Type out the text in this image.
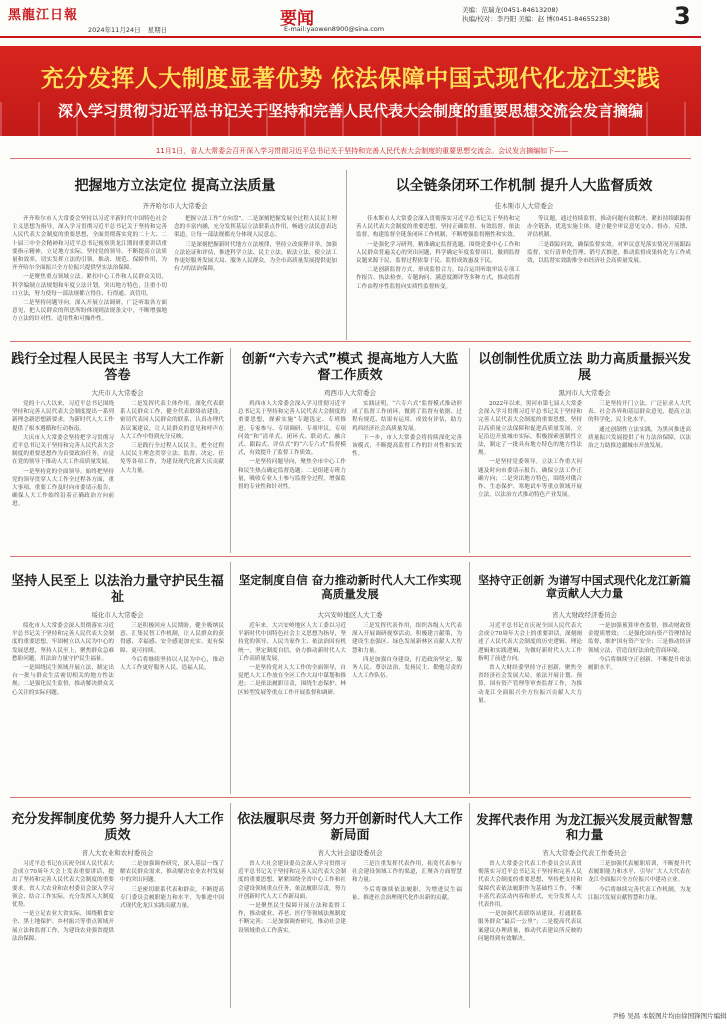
黑龍江日報
2024年11月24日 星期日
要闻
E-mail:yaowen8900@sina.com
美编：范瑞龙(0451-84613208)
执编/校对：李丹阳 美编：赵 博(0451-84655238)	3
充分发挥人大制度显著优势 依法保障中国式现代化龙江实践
深入学习贯彻习近平总书记关于坚持和完善人民代表大会制度的重要思想交流会发言摘编
11月1日，省人大常委会召开深入学习贯彻习近平总书记关于坚持和完善人民代表大会制度的重要思想交流会。会议发言摘编如下——
把握地方立法定位 提高立法质量
齐齐哈尔市人大常委会

齐齐哈尔市人大常委会坚持以习近平新时代中国特色社会主义思想为指导，深入学习贯彻习近平总书记关于坚持和完善人民代表大会制度的重要思想，全面贯彻落实党的二十大、二十届三中全会精神和习近平总书记视察黑龙江期间重要讲话重要指示精神，立足地方实际，坚持党的领导，不断提高立法质量和效率，切实发挥立法的引领、推动、规范、保障作用，为齐齐哈尔全面振兴全方位振兴提供坚实法治保障。

一是聚焦重点领域立法。紧扣中心工作和人民群众关切，科学编制立法规划和年度立法计划，突出地方特色，注重小切口立法，努力使每一部法规都立得住、行得通、真管用。

二是坚持问题导向。深入开展立法调研，广泛听取各方面意见，把人民群众的所思所盼体现到法规条文中，不断增强地方立法的针对性、适用性和可操作性。

把握立法工作“方向盘”。二是深刻把握发展全过程人民民主理念的丰富内涵，充分发挥基层立法联系点作用，畅通立法民意表达渠道，让每一部法规都充分体现人民意志。

三是深刻把握新时代地方立法规律，坚持立改废释并举，加强立法论证和评估，推进科学立法、民主立法、依法立法，使立法工作更好服务发展大局、服务人民群众，为全市高质量发展提供更加有力的法治保障。

以全链条闭环工作机制 提升人大监督质效
佳木斯市人大常委会

佳木斯市人大常委会深入贯彻落实习近平总书记关于坚持和完善人民代表大会制度的重要思想，坚持正确监督、有效监督、依法监督，构建监督全链条闭环工作机制，不断增强监督刚性和实效。

一是强化学习研判，精准确定监督选题。围绕党委中心工作和人民群众普遍关心的突出问题，科学确定年度监督项目，做到监督议题来源于民、监督过程依靠于民、监督成效惠及于民。

二是创新监督方式，形成监督合力。综合运用听取审议专项工作报告、执法检查、专题询问、满意度测评等多种方式，推动监督工作由程序性监督向实质性监督转变。

等议题，通过持续监督，推动问题有效解决。紧扣持续跟踪督办全链条，优选实施主体，建立健全审议意见交办、督办、反馈、评估机制。

三是跟踪问效，确保监督实效。对审议意见落实情况开展跟踪监督，实行清单化管理、销号式推进，推动监督成果转化为工作成效，以监督实效助推全市经济社会高质量发展。

践行全过程人民民主 书写人大工作新答卷
大庆市人大常委会

党的十八大以来，习近平总书记围绕坚持和完善人民代表大会制度提出一系列新理念新思想新要求，为新时代人大工作提供了根本遵循和行动指南。

大庆市人大常委会坚持把学习贯彻习近平总书记关于坚持和完善人民代表大会制度的重要思想作为首要政治任务，自觉在党的领导下推动人大工作高质量发展。

一是坚持党的全面领导。始终把坚持党的领导贯穿人大工作全过程各方面，重大事项、重要工作及时向市委请示报告，确保人大工作始终沿着正确政治方向前进。

二是发挥代表主体作用。深化代表联系人民群众工作，健全代表联络站建设，密切代表同人民群众的联系，认真办理代表议案建议，让人民群众的意见和呼声在人大工作中得到充分反映。

三是践行全过程人民民主。把全过程人民民主理念贯穿立法、监督、决定、任免等各项工作，为建设现代化新大庆贡献人大力量。

创新“六专六式”模式 提高地方人大监督工作质效
鸡西市人大常委会

鸡西市人大常委会深入学习贯彻习近平总书记关于坚持和完善人民代表大会制度的重要思想，探索实施“专题选定、专班推进、专家参与、专项调研、专项审议、专项问效”和“清单式、闭环式、联动式、融合式、跟踪式、评估式”的“六专六式”监督模式，有效提升了监督工作质效。

一是坚持问题导向，聚焦全市中心工作和民生热点确定监督选题；二是组建专班力量，吸收专业人士参与监督全过程，增强监督的专业性和针对性。

实践证明，“六专六式”监督模式推动形成了监督工作闭环，做到了监督有依据、过程有规范、结果有运用、成效有评估，助力鸡西经济社会高质量发展。

下一步，市人大常委会将持续深化完善该模式，不断提高监督工作的针对性和实效性。

以创制性优质立法 助力高质量振兴发展
黑河市人大常委会

2022年以来，黑河市第七届人大常委会深入学习贯彻习近平总书记关于坚持和完善人民代表大会制度的重要思想，坚持以高质量立法保障和促进高质量发展，立足沿边开放城市实际，积极探索创制性立法，制定了一批具有地方特色的地方性法规。

一是坚持党委领导。立法工作重大问题及时向市委请示报告，确保立法工作正确方向；二是突出地方特色，围绕对俄合作、生态保护、寒地试车等重点领域开展立法，以法治方式推动特色产业发展。

三是坚持开门立法，广泛征求人大代表、社会各界和基层群众意见，提高立法的科学化、民主化水平。

通过创制性立法实践，为黑河推进高质量振兴发展提供了有力法治保障，以法治之力助推边疆城市开放发展。

坚持人民至上 以法治力量守护民生福祉
绥化市人大常委会

绥化市人大常委会深入贯彻落实习近平总书记关于坚持和完善人民代表大会制度的重要思想，牢固树立以人民为中心的发展思想，坚持人民至上，聚焦群众急难愁盼问题，用法治力量守护民生福祉。

一是围绕民生领域开展立法，制定出台一批与群众生活密切相关的地方性法规；二是强化民生监督，推动解决群众关心关注的实际问题。

三是积极回应人民期盼，健全吸纳民意、汇集民智工作机制，让人民群众的获得感、幸福感、安全感更加充实、更有保障、更可持续。

今后将继续坚持以人民为中心，推动人大工作更好服务人民、造福人民。

坚定制度自信 奋力推动新时代人大工作实现高质量发展
大兴安岭地区人大工委

近年来，大兴安岭地区人大工委以习近平新时代中国特色社会主义思想为指导，坚持党的领导、人民当家作主、依法治国有机统一，坚定制度自信，奋力推动新时代人大工作高质量发展。

一是坚持党对人大工作的全面领导，自觉把人大工作放在全区工作大局中谋划和推进；二是依法履职尽责，围绕生态保护、林区转型发展等重点工作开展监督和调研。

三是发挥代表作用，组织各级人大代表深入开展调研视察活动，积极建言献策，为建设生态强区、绿色发展新林区贡献人大智慧和力量。

四是加强自身建设，打造政治坚定、服务人民、尊崇法治、发扬民主、勤勉尽责的人大工作队伍。

坚持守正创新 为谱写中国式现代化龙江新篇章贡献人大力量
省人大财政经济委员会

习近平总书记在庆祝全国人民代表大会成立70周年大会上的重要讲话，深刻阐述了人民代表大会制度的历史逻辑、理论逻辑和实践逻辑，为做好新时代人大工作指明了前进方向。

省人大财经委坚持守正创新，聚焦全省经济社会发展大局，依法开展计划、预算、国有资产管理等审查监督工作，为推动龙江全面振兴全方位振兴贡献人大力量。

一是加强预算审查监督，推动财政资金提质增效；二是强化国有资产管理情况监督，维护国有资产安全；三是推动经济领域立法，营造良好法治化营商环境。

今后将继续守正创新，不断提升依法履职水平。

充分发挥制度优势 努力提升人大工作质效
省人大农业和农村委员会

习近平总书记在庆祝全国人民代表大会成立70周年大会上发表重要讲话，提出了坚持和完善人民代表大会制度的重要要求。省人大农业和农村委员会深入学习领会，结合工作实际，充分发挥人大制度优势。

一是立足农业大省实际，围绕粮食安全、黑土地保护、乡村振兴等重点领域开展立法和监督工作，为建设农业强省提供法治保障。

二是加强调查研究，深入基层一线了解农民群众需求，推动解决农业农村发展中的突出问题。

三是密切联系代表和群众，不断提高专门委员会履职能力和水平，为推进中国式现代化龙江实践贡献力量。

依法履职尽责 努力开创新时代人大工作新局面
省人大社会建设委员会

省人大社会建设委员会深入学习贯彻习近平总书记关于坚持和完善人民代表大会制度的重要思想，紧紧围绕全省中心工作和社会建设领域重点任务，依法履职尽责，努力开创新时代人大工作新局面。

一是聚焦民生保障开展立法和监督工作，推动就业、养老、医疗等领域法规制度不断完善；二是加强调查研究，推动社会建设领域重点工作落实。

三是注重发挥代表作用，拓宽代表参与社会建设领域工作的渠道，汇聚各方面智慧和力量。

今后将继续依法履职，为增进民生福祉、推进社会治理现代化作出新的贡献。

发挥代表作用 为龙江振兴发展贡献智慧和力量
省人大常委会代表工作委员会

省人大常委会代表工作委员会认真贯彻落实习近平总书记关于坚持和完善人民代表大会制度的重要思想，坚持把支持和保障代表依法履职作为基础性工作，不断丰富代表活动内容和形式，充分发挥人大代表作用。

一是加强代表联络站建设，打通联系服务群众“最后一公里”；二是提高代表议案建议办理质量，推动代表建议所反映的问题得到有效解决。

三是加强代表履职培训，不断提升代表履职能力和水平，引导广大人大代表在龙江全面振兴全方位振兴中建功立业。

今后将继续完善代表工作机制，为龙江振兴发展贡献智慧和力量。

尹杨 吴昌 本版图片均由徐国锋图片编辑
